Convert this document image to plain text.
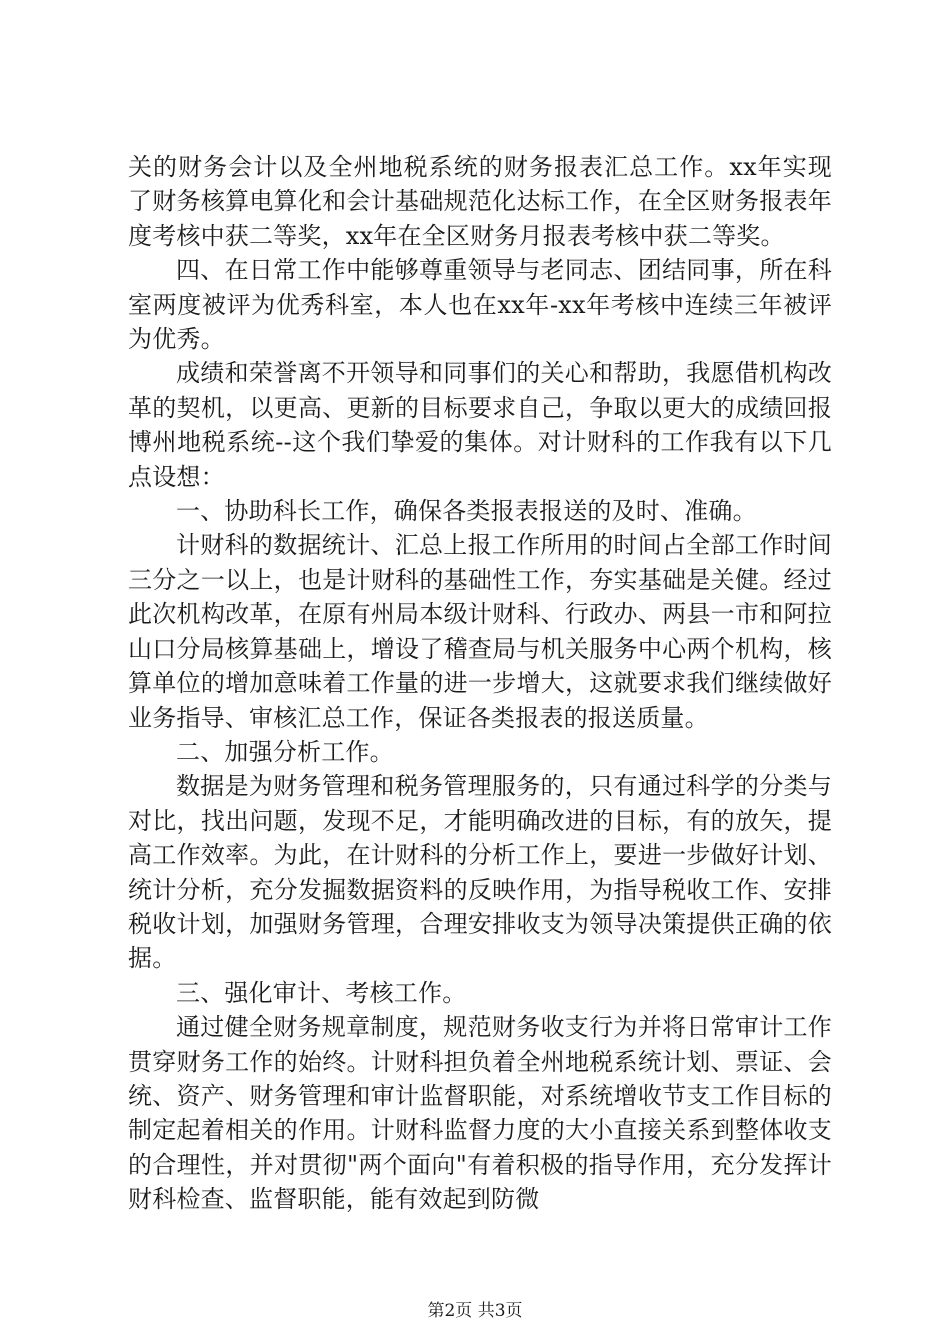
关的财务会计以及全州地税系统的财务报表汇总工作。xx年实现了财务核算电算化和会计基础规范化达标工作，在全区财务报表年度考核中获二等奖，xx年在全区财务月报表考核中获二等奖。

四、在日常工作中能够尊重领导与老同志、团结同事，所在科室两度被评为优秀科室，本人也在xx年-xx年考核中连续三年被评为优秀。

成绩和荣誉离不开领导和同事们的关心和帮助，我愿借机构改革的契机，以更高、更新的目标要求自己，争取以更大的成绩回报博州地税系统--这个我们挚爱的集体。对计财科的工作我有以下几点设想：

一、协助科长工作，确保各类报表报送的及时、准确。

计财科的数据统计、汇总上报工作所用的时间占全部工作时间三分之一以上，也是计财科的基础性工作，夯实基础是关健。经过此次机构改革，在原有州局本级计财科、行政办、两县一市和阿拉山口分局核算基础上，增设了稽查局与机关服务中心两个机构，核算单位的增加意味着工作量的进一步增大，这就要求我们继续做好业务指导、审核汇总工作，保证各类报表的报送质量。

二、加强分析工作。

数据是为财务管理和税务管理服务的，只有通过科学的分类与对比，找出问题，发现不足，才能明确改进的目标，有的放矢，提高工作效率。为此，在计财科的分析工作上，要进一步做好计划、统计分析，充分发掘数据资料的反映作用，为指导税收工作、安排税收计划，加强财务管理，合理安排收支为领导决策提供正确的依据。

三、强化审计、考核工作。

通过健全财务规章制度，规范财务收支行为并将日常审计工作贯穿财务工作的始终。计财科担负着全州地税系统计划、票证、会统、资产、财务管理和审计监督职能，对系统增收节支工作目标的制定起着相关的作用。计财科监督力度的大小直接关系到整体收支的合理性，并对贯彻"两个面向"有着积极的指导作用，充分发挥计财科检查、监督职能，能有效起到防微

第2页 共3页
